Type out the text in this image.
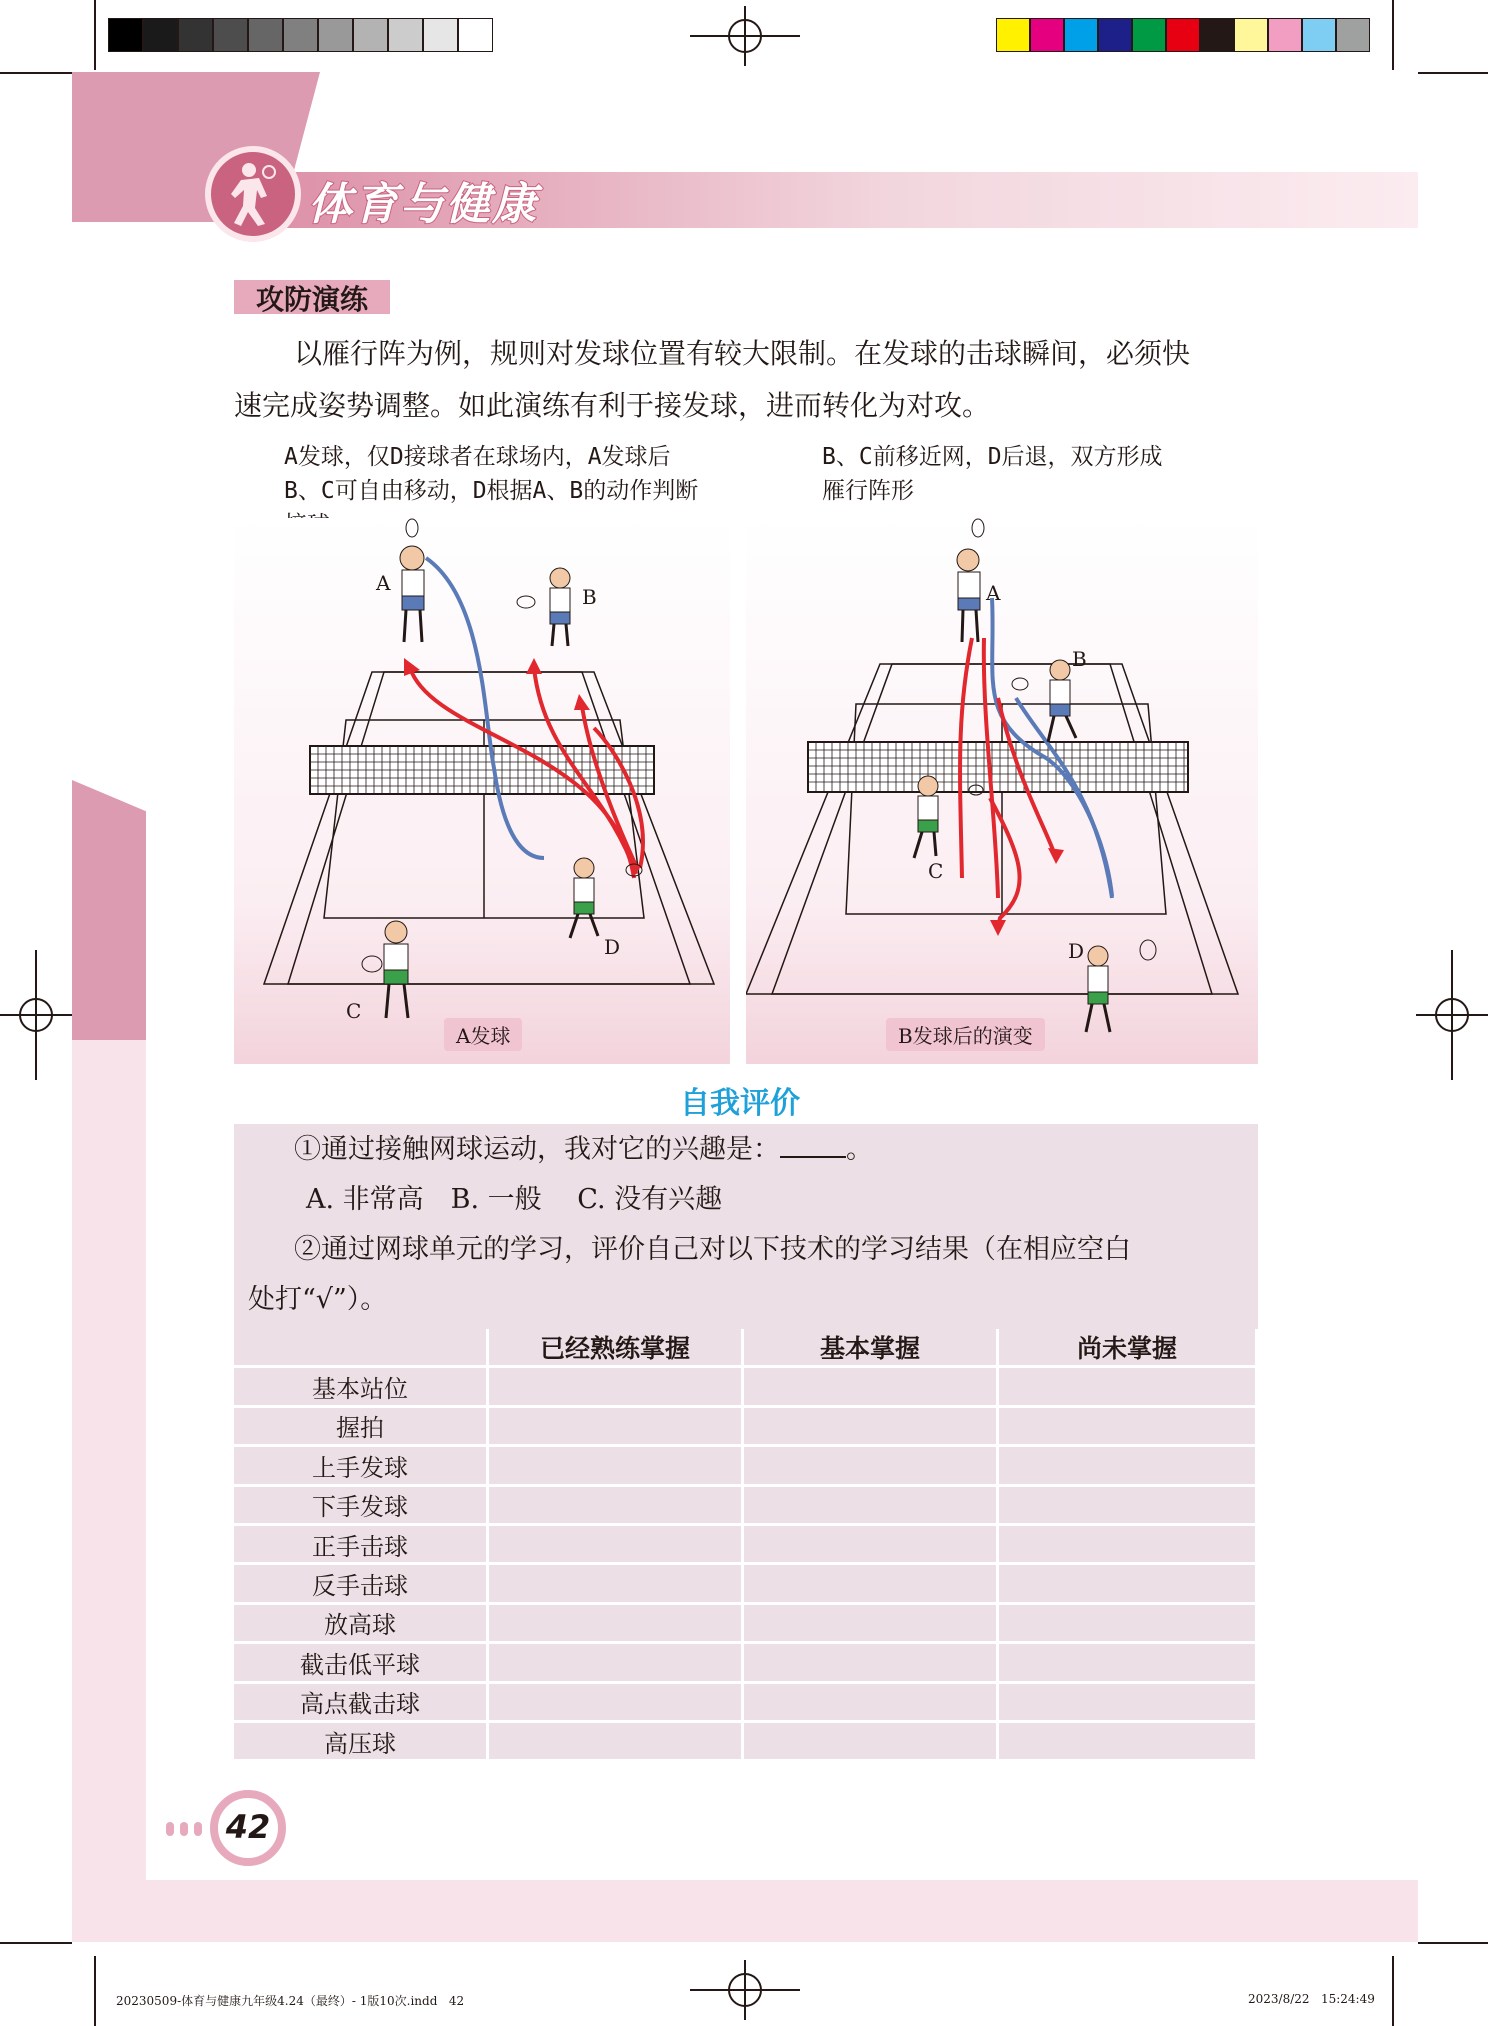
体育与健康
攻防演练
以雁行阵为例，规则对发球位置有较大限制。在发球的击球瞬间，必须快
速完成姿势调整。如此演练有利于接发球，进而转化为对攻。
A发球，仅D接球者在球场内，A发球后
B、C可自由移动，D根据A、B的动作判断
B、C前移近网，D后退，双方形成
雁行阵形
A
B
C
D
A发球
A
B
C
D
B发球后的演变
自我评价
①通过接触网球运动，我对它的兴趣是： 。
A. 非常高　B. 一般　 C. 没有兴趣
②通过网球单元的学习，评价自己对以下技术的学习结果（在相应空白
处打“√”）。
	已经熟练掌握	基本掌握	尚未掌握
基本站位			
握拍			
上手发球			
下手发球			
正手击球			
反手击球			
放高球			
截击低平球			
高点截击球			
高压球			
42
20230509-体育与健康九年级4.24（最终）- 1版10次.indd   42	2023/8/22   15:24:49
